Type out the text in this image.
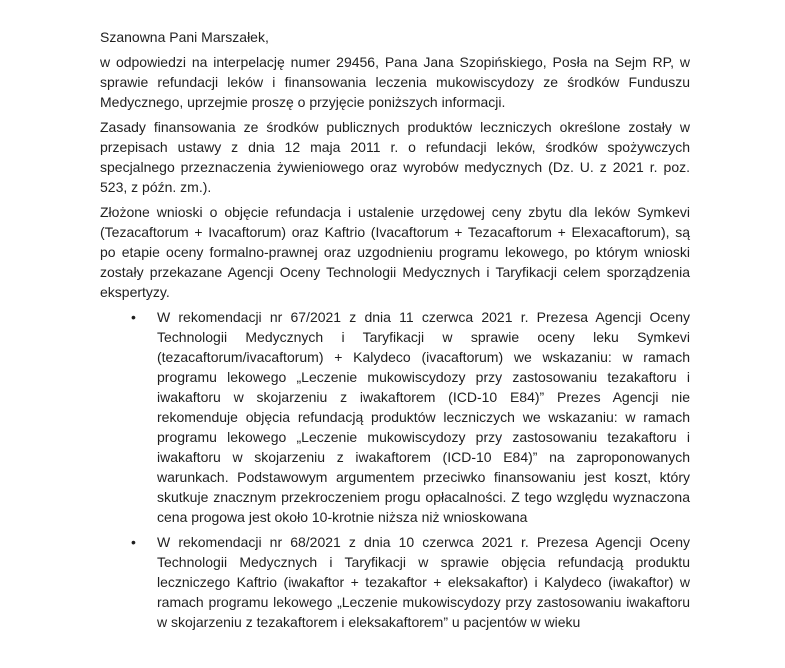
Szanowna Pani Marszałek,

w odpowiedzi na interpelację numer 29456, Pana Jana Szopińskiego, Posła na Sejm RP, w sprawie refundacji leków i finansowania leczenia mukowiscydozy ze środków Funduszu Medycznego, uprzejmie proszę o przyjęcie poniższych informacji.

Zasady finansowania ze środków publicznych produktów leczniczych określone zostały w przepisach ustawy z dnia 12 maja 2011 r. o refundacji leków, środków spożywczych specjalnego przeznaczenia żywieniowego oraz wyrobów medycznych (Dz. U. z 2021 r. poz. 523, z późn. zm.).

Złożone wnioski o objęcie refundacja i ustalenie urzędowej ceny zbytu dla leków Symkevi (Tezacaftorum + Ivacaftorum) oraz Kaftrio (Ivacaftorum + Tezacaftorum + Elexacaftorum), są po etapie oceny formalno-prawnej oraz uzgodnieniu programu lekowego, po którym wnioski zostały przekazane Agencji Oceny Technologii Medycznych i Taryfikacji celem sporządzenia ekspertyzy.

•	W rekomendacji nr 67/2021 z dnia 11 czerwca 2021 r. Prezesa Agencji Oceny Technologii Medycznych i Taryfikacji w sprawie oceny leku Symkevi (tezacaftorum/ivacaftorum) + Kalydeco (ivacaftorum) we wskazaniu: w ramach programu lekowego „Leczenie mukowiscydozy przy zastosowaniu tezakaftoru i iwakaftoru w skojarzeniu z iwakaftorem (ICD-10 E84)” Prezes Agencji nie rekomenduje objęcia refundacją produktów leczniczych we wskazaniu: w ramach programu lekowego „Leczenie mukowiscydozy przy zastosowaniu tezakaftoru i iwakaftoru w skojarzeniu z iwakaftorem (ICD-10 E84)” na zaproponowanych warunkach. Podstawowym argumentem przeciwko finansowaniu jest koszt, który skutkuje znacznym przekroczeniem progu opłacalności. Z tego względu wyznaczona cena progowa jest około 10-krotnie niższa niż wnioskowana
•	W rekomendacji nr 68/2021 z dnia 10 czerwca 2021 r. Prezesa Agencji Oceny Technologii Medycznych i Taryfikacji w sprawie objęcia refundacją produktu leczniczego Kaftrio (iwakaftor + tezakaftor + eleksakaftor) i Kalydeco (iwakaftor) w ramach programu lekowego „Leczenie mukowiscydozy przy zastosowaniu iwakaftoru w skojarzeniu z tezakaftorem i eleksakaftorem” u pacjentów w wieku
